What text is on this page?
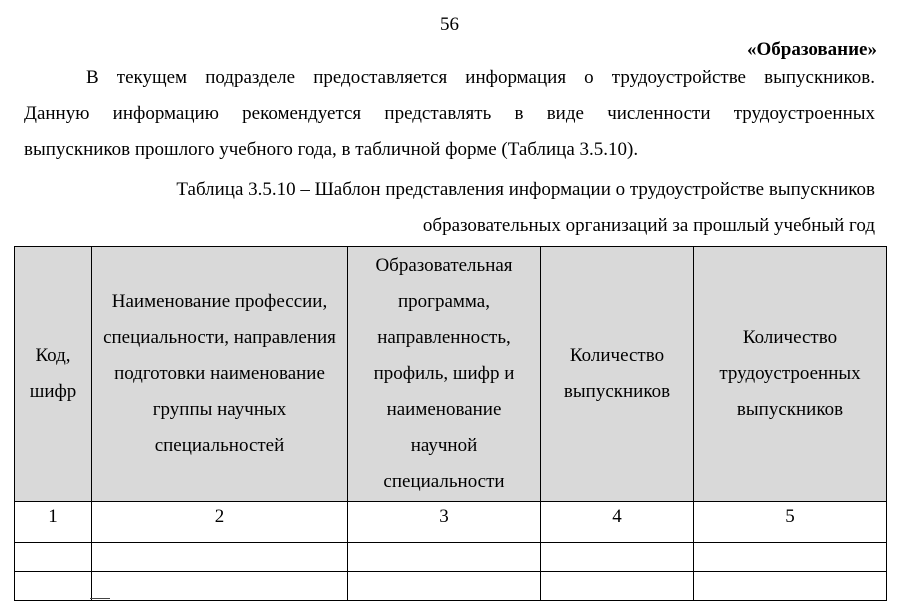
56
«Образование»
В текущем подразделе предоставляется информация о трудоустройстве выпускников.
Данную информацию рекомендуется представлять в виде численности трудоустроенных
выпускников прошлого учебного года, в табличной форме (Таблица 3.5.10).
Таблица 3.5.10 – Шаблон представления информации о трудоустройстве выпускников
образовательных организаций за прошлый учебный год
Код, шифр	Наименование профессии, специальности, направления подготовки наименование группы научных специальностей	Образовательная программа, направленность, профиль, шифр и наименование научной специальности	Количество выпускников	Количество трудоустроенных выпускников
1	2	3	4	5
